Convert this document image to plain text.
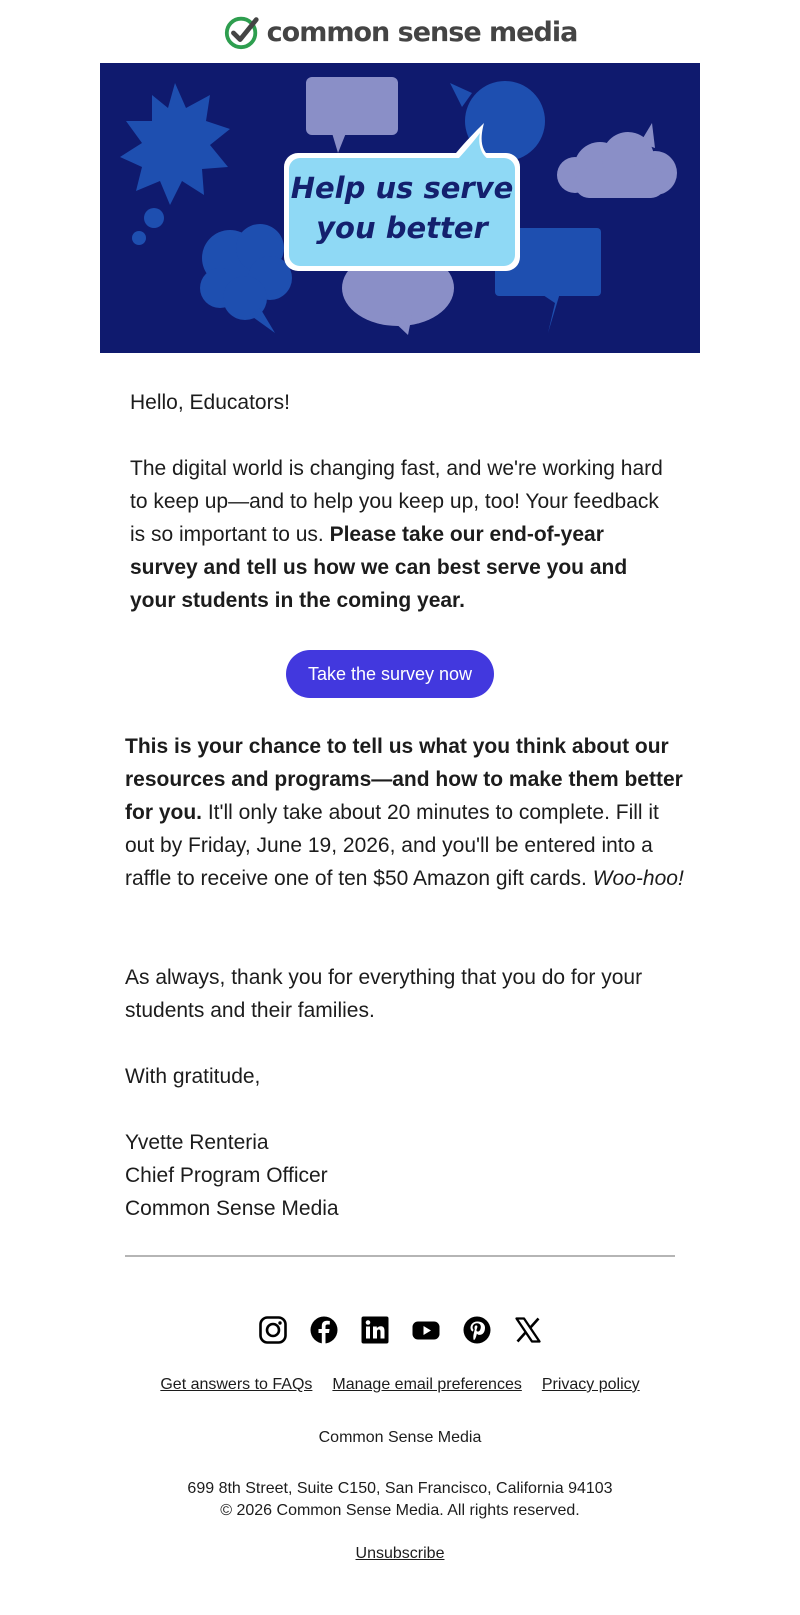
common sense media
Help us serve
you better
Hello, Educators!
The digital world is changing fast, and we're working hard to keep up—and to help you keep up, too! Your feedback is so important to us. Please take our end-of-year survey and tell us how we can best serve you and your students in the coming year.
Take the survey now
This is your chance to tell us what you think about our resources and programs—and how to make them better for you. It'll only take about 20 minutes to complete. Fill it out by Friday, June 19, 2026, and you'll be entered into a raffle to receive one of ten $50 Amazon gift cards. Woo-hoo!
As always, thank you for everything that you do for your students and their families.
With gratitude,
Yvette Renteria
Chief Program Officer
Common Sense Media
Get answers to FAQs Manage email preferences Privacy policy
Common Sense Media
699 8th Street, Suite C150, San Francisco, California 94103
© 2026 Common Sense Media. All rights reserved.
Unsubscribe
